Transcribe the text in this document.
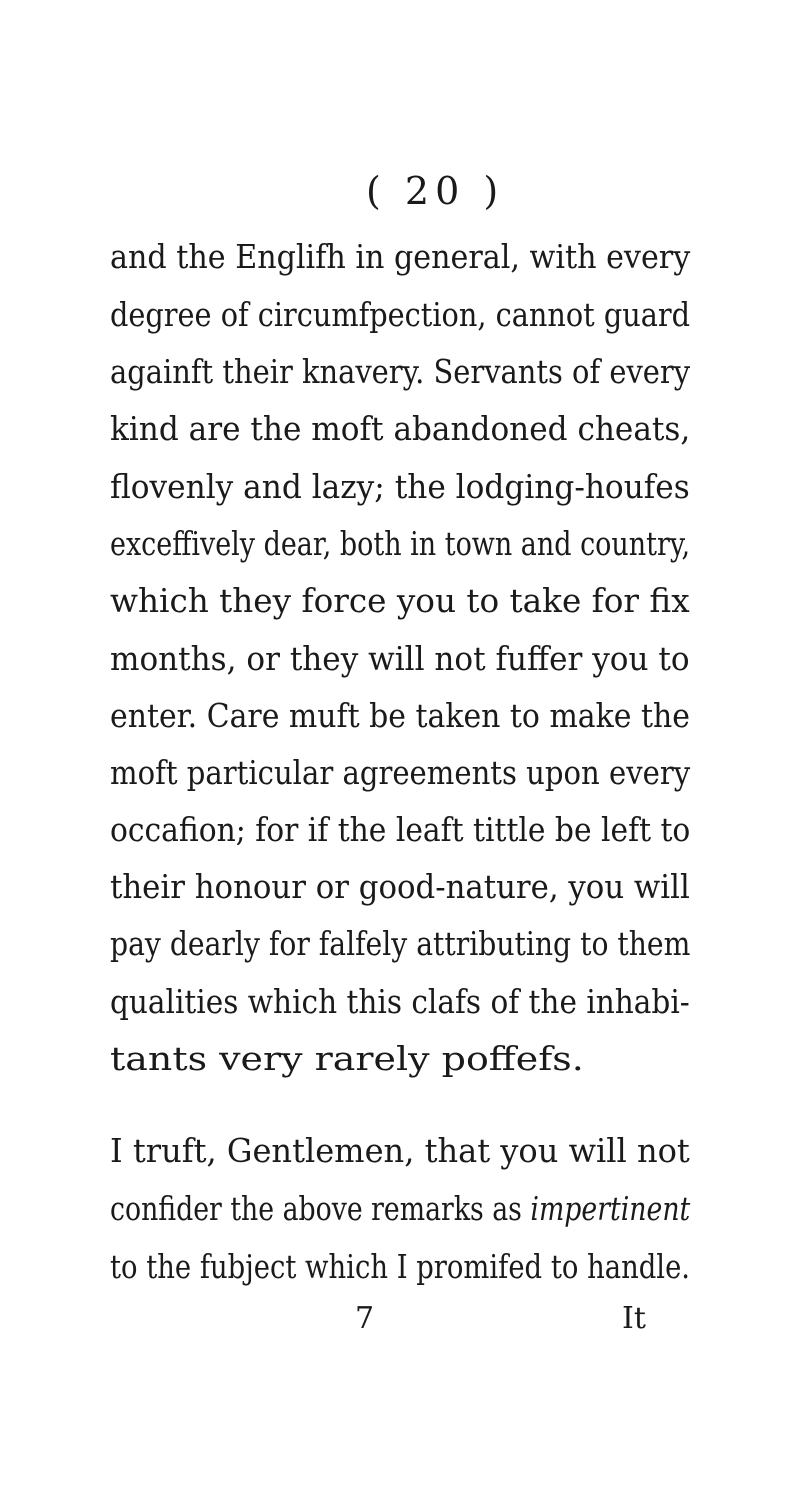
( 20 )
and the Englifh in general, with every
degree of circumfpection, cannot guard
againft their knavery. Servants of every
kind are the moft abandoned cheats,
flovenly and lazy; the lodging-houfes
exceffively dear, both in town and country,
which they force you to take for fix
months, or they will not fuffer you to
enter. Care muft be taken to make the
moft particular agreements upon every
occafion; for if the leaft tittle be left to
their honour or good-nature, you will
pay dearly for falfely attributing to them
qualities which this clafs of the inhabi-
tants very rarely poffefs.
I truft, Gentlemen, that you will not
confider the above remarks as impertinent
to the fubject which I promifed to handle.
7	It
